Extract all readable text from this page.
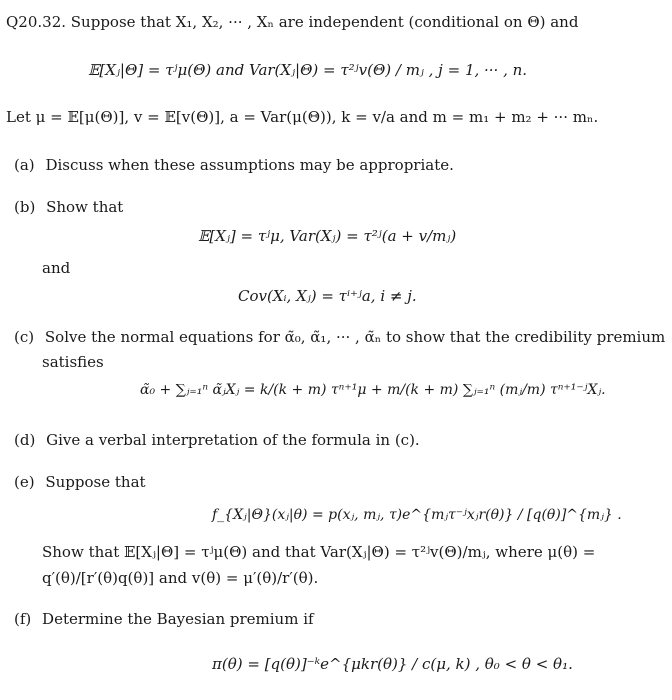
Q20.32. Suppose that X₁, X₂, ··· , Xₙ are independent (conditional on Θ) and
𝔼[Xⱼ|Θ] = τʲμ(Θ) and Var(Xⱼ|Θ) = τ²ʲv(Θ) / mⱼ , j = 1, ··· , n.
Let μ = 𝔼[μ(Θ)], v = 𝔼[v(Θ)], a = Var(μ(Θ)), k = v/a and m = m₁ + m₂ + ··· mₙ.
(a) Discuss when these assumptions may be appropriate.
(b) Show that
𝔼[Xⱼ] = τʲμ, Var(Xⱼ) = τ²ʲ(a + v/mⱼ)
and
Cov(Xᵢ, Xⱼ) = τⁱ⁺ʲa, i ≠ j.
(c) Solve the normal equations for α̃₀, α̃₁, ··· , α̃ₙ to show that the credibility premium
satisfies
α̃₀ + ∑ⱼ₌₁ⁿ α̃ⱼXⱼ = k/(k + m) τⁿ⁺¹μ + m/(k + m) ∑ⱼ₌₁ⁿ (mⱼ/m) τⁿ⁺¹⁻ʲXⱼ.
(d) Give a verbal interpretation of the formula in (c).
(e) Suppose that
f_{Xⱼ|Θ}(xⱼ|θ) = p(xⱼ, mⱼ, τ)e^{mⱼτ⁻ʲxⱼr(θ)} / [q(θ)]^{mⱼ} .
Show that 𝔼[Xⱼ|Θ] = τʲμ(Θ) and that Var(Xⱼ|Θ) = τ²ʲv(Θ)/mⱼ, where μ(θ) =
q′(θ)/[r′(θ)q(θ)] and v(θ) = μ′(θ)/r′(θ).
(f) Determine the Bayesian premium if
π(θ) = [q(θ)]⁻ᵏe^{μkr(θ)} / c(μ, k) , θ₀ < θ < θ₁.
